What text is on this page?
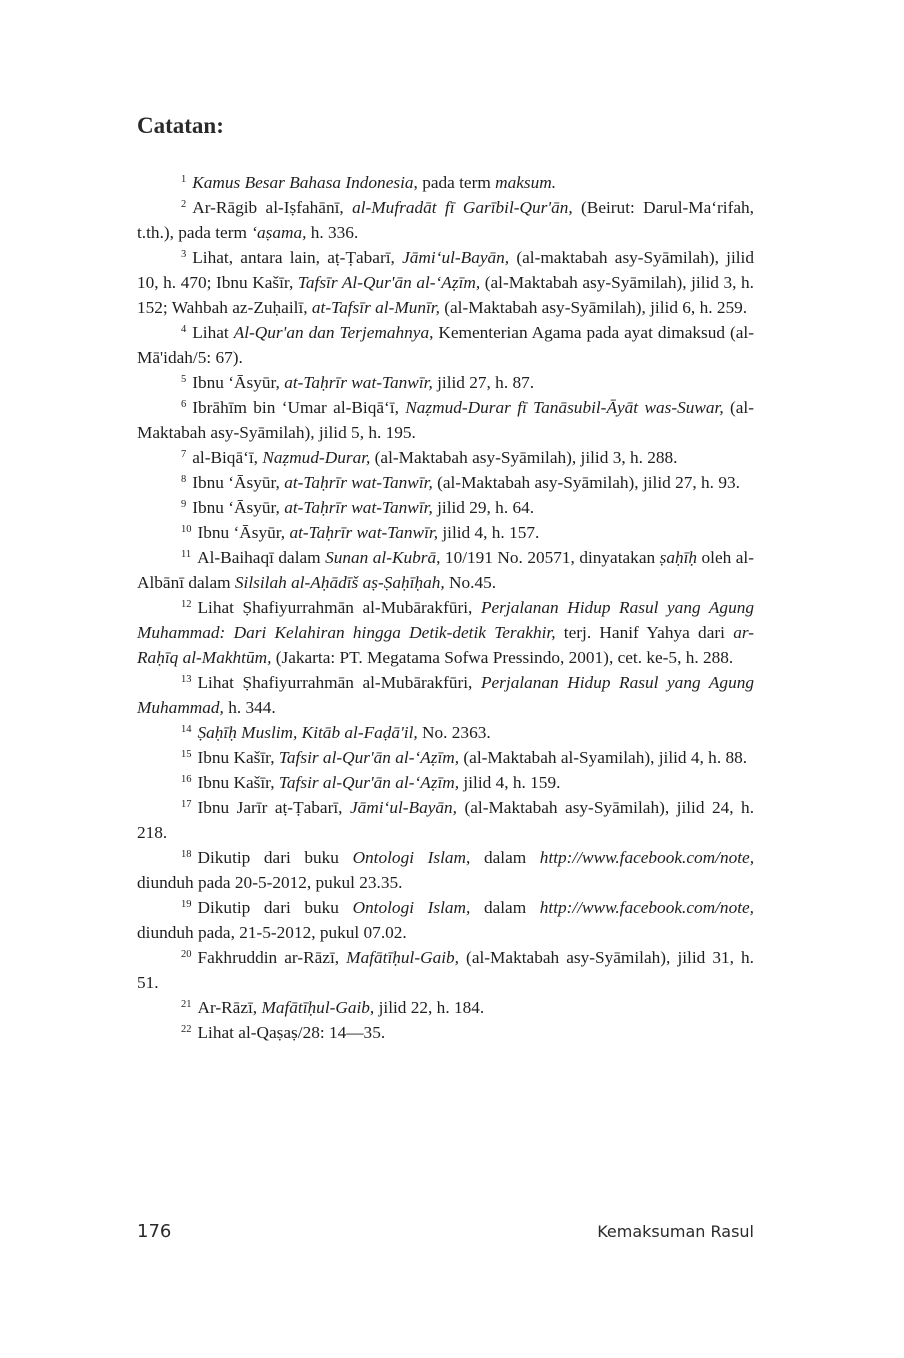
Catatan:

$^1$ Kamus Besar Bahasa Indonesia, pada term maksum.

$^2$ Ar-Rāgib al-Iṣfahānī, al-Mufradāt fī Garībil-Qur'ān, (Beirut: Darul-Ma‘rifah, t.th.), pada term ‘aṣama, h. 336.

$^3$ Lihat, antara lain, aṭ-Ṭabarī, Jāmi‘ul-Bayān, (al-maktabah asy-Syāmilah), jilid 10, h. 470; Ibnu Kašīr, Tafsīr Al-Qur'ān al-‘Aẓīm, (al-Maktabah asy-Syāmilah), jilid 3, h. 152; Wahbah az-Zuḥailī, at-Tafsīr al-Munīr, (al-Maktabah asy-Syāmilah), jilid 6, h. 259.

$^4$ Lihat Al-Qur'an dan Terjemahnya, Kementerian Agama pada ayat dimaksud (al-Mā'idah/5: 67).

$^5$ Ibnu ‘Āsyūr, at-Taḥrīr wat-Tanwīr, jilid 27, h. 87.

$^6$ Ibrāhīm bin ‘Umar al-Biqā‘ī, Naẓmud-Durar fī Tanāsubil-Āyāt was-Suwar, (al-Maktabah asy-Syāmilah), jilid 5, h. 195.

$^7$ al-Biqā‘ī, Naẓmud-Durar, (al-Maktabah asy-Syāmilah), jilid 3, h. 288.

$^8$ Ibnu ‘Āsyūr, at-Taḥrīr wat-Tanwīr, (al-Maktabah asy-Syāmilah), jilid 27, h. 93.

$^9$ Ibnu ‘Āsyūr, at-Taḥrīr wat-Tanwīr, jilid 29, h. 64.

$^{10}$ Ibnu ‘Āsyūr, at-Taḥrīr wat-Tanwīr, jilid 4, h. 157.

$^{11}$ Al-Baihaqī dalam Sunan al-Kubrā, 10/191 No. 20571, dinyatakan ṣaḥīḥ oleh al-Albānī dalam Silsilah al-Aḥādīš aṣ-Ṣaḥīḥah, No.45.

$^{12}$ Lihat Ṣhafiyurrahmān al-Mubārakfūri, Perjalanan Hidup Rasul yang Agung Muhammad: Dari Kelahiran hingga Detik-detik Terakhir, terj. Hanif Yahya dari ar-Raḥīq al-Makhtūm, (Jakarta: PT. Megatama Sofwa Pressindo, 2001), cet. ke-5, h. 288.

$^{13}$ Lihat Ṣhafiyurrahmān al-Mubārakfūri, Perjalanan Hidup Rasul yang Agung Muhammad, h. 344.

$^{14}$ Ṣaḥīḥ Muslim, Kitāb al-Faḍā'il, No. 2363.

$^{15}$ Ibnu Kašīr, Tafsir al-Qur'ān al-‘Aẓīm, (al-Maktabah al-Syamilah), jilid 4, h. 88.

$^{16}$ Ibnu Kašīr, Tafsir al-Qur'ān al-‘Aẓīm, jilid 4, h. 159.

$^{17}$ Ibnu Jarīr aṭ-Ṭabarī, Jāmi‘ul-Bayān, (al-Maktabah asy-Syāmilah), jilid 24, h. 218.

$^{18}$ Dikutip dari buku Ontologi Islam, dalam http://www.facebook.com/note, diunduh pada 20-5-2012, pukul 23.35.

$^{19}$ Dikutip dari buku Ontologi Islam, dalam http://www.facebook.com/note, diunduh pada, 21-5-2012, pukul 07.02.

$^{20}$ Fakhruddin ar-Rāzī, Mafātīḥul-Gaib, (al-Maktabah asy-Syāmilah), jilid 31, h. 51.

$^{21}$ Ar-Rāzī, Mafātīḥul-Gaib, jilid 22, h. 184.

$^{22}$ Lihat al-Qaṣaṣ/28: 14—35.

176	Kemaksuman Rasul
